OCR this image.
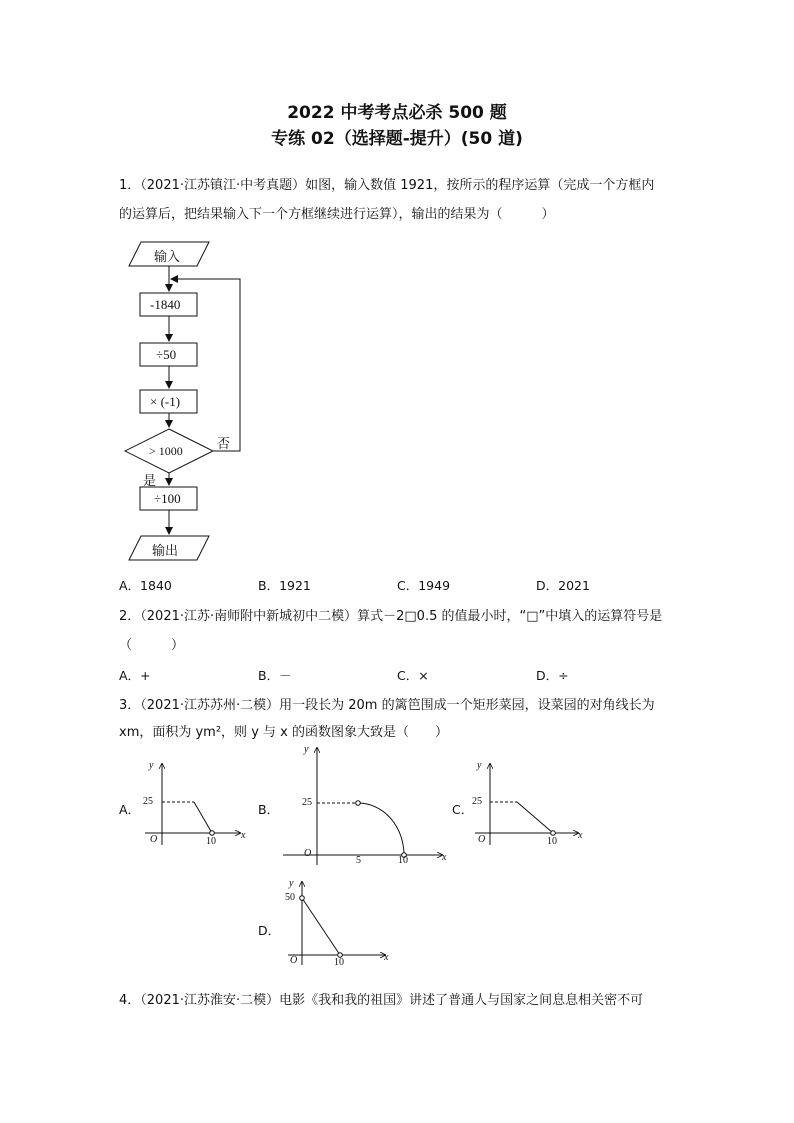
2022 中考考点必杀 500 题
专练 02（选择题-提升）(50 道)
1．（2021·江苏镇江·中考真题）如图，输入数值 1921，按所示的程序运算（完成一个方框内
的运算后，把结果输入下一个方框继续进行运算），输出的结果为（　　　）
输入
-1840
÷50
× (-1)
> 1000	否
是
÷100
输出
A．1840	B．1921	C．1949	D．2021
2．（2021·江苏·南师附中新城初中二模）算式－2□0.5 的值最小时，“□”中填入的运算符号是
（　　　）
A．+	B．－	C．×	D．÷
3．（2021·江苏苏州·二模）用一段长为 20m 的篱笆围成一个矩形菜园，设菜园的对角线长为
xm，面积为 ym²，则 y 与 x 的函数图象大致是（　　）
A．	B．	C．
D．
y
25
O	10
x
y
25
O
5	10	x
y
25
O	10
x
y
50
O	10	x
4．（2021·江苏淮安·二模）电影《我和我的祖国》讲述了普通人与国家之间息息相关密不可
